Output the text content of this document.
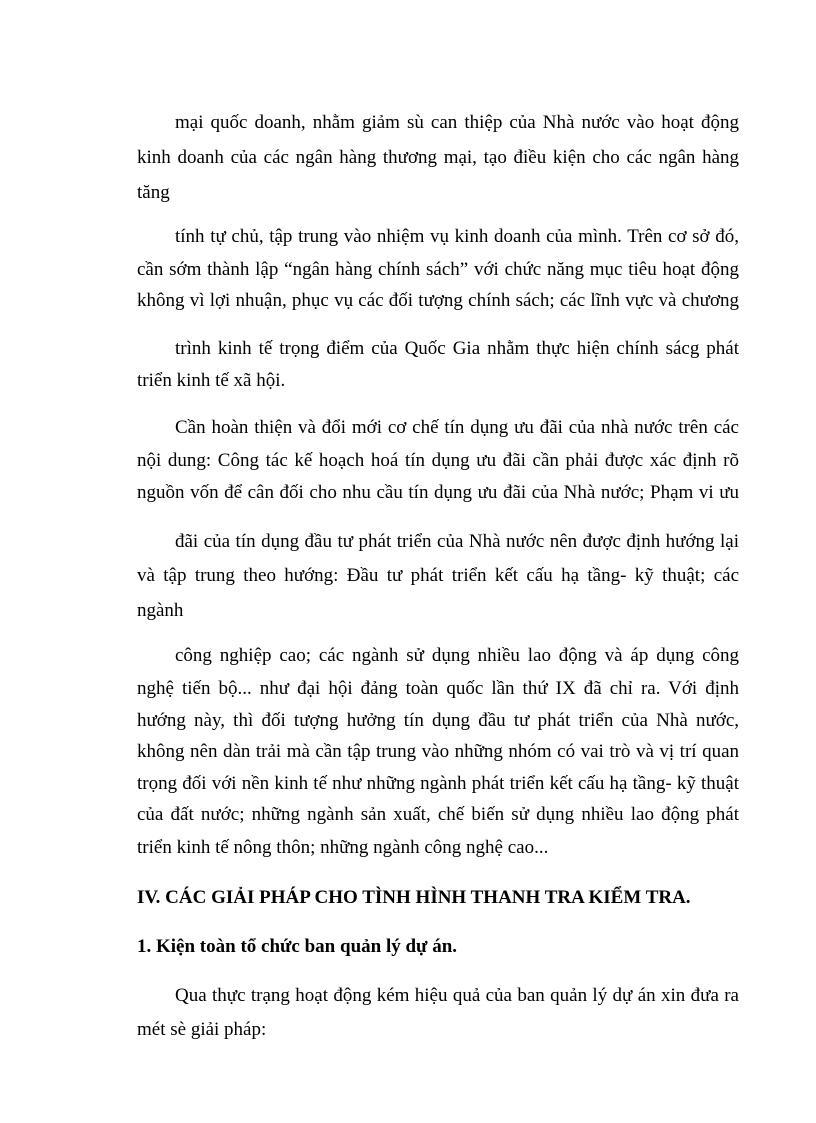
mại quốc doanh, nhằm giảm sù can thiệp của Nhà nước vào hoạt động
kinh doanh của các ngân hàng thương mại, tạo điều kiện cho các ngân hàng
tăng
tính tự chủ, tập trung vào nhiệm vụ kinh doanh của mình. Trên cơ sở đó,
cần sớm thành lập “ngân hàng chính sách” với chức năng mục tiêu hoạt động
không vì lợi nhuận, phục vụ các đối tượng chính sách; các lĩnh vực và chương
trình kinh tế trọng điểm của Quốc Gia nhằm thực hiện chính sácg phát
triển kinh tế xã hội.
Cần hoàn thiện và đổi mới cơ chế tín dụng ưu đãi của nhà nước trên các
nội dung: Công tác kế hoạch hoá tín dụng ưu đãi cần phải được xác định rõ
nguồn vốn để cân đối cho nhu cầu tín dụng ưu đãi của Nhà nước; Phạm vi ưu
đãi của tín dụng đầu tư phát triển của Nhà nước nên được định hướng lại
và tập trung theo hướng: Đầu tư phát triển kết cấu hạ tầng- kỹ thuật; các
ngành
công nghiệp cao; các ngành sử dụng nhiều lao động và áp dụng công
nghệ tiến bộ... như đại hội đảng toàn quốc lần thứ IX đã chỉ ra. Với định
hướng này, thì đối tượng hưởng tín dụng đầu tư phát triển của Nhà nước,
không nên dàn trải mà cần tập trung vào những nhóm có vai trò và vị trí quan
trọng đối với nền kinh tế như những ngành phát triển kết cấu hạ tầng- kỹ thuật
của đất nước; những ngành sản xuất, chế biến sử dụng nhiều lao động phát
triển kinh tế nông thôn; những ngành công nghệ cao...
IV. CÁC GIẢI PHÁP CHO TÌNH HÌNH THANH TRA KIỂM TRA.
1. Kiện toàn tổ chức ban quản lý dự án.
Qua thực trạng hoạt động kém hiệu quả của ban quản lý dự án xin đưa ra
mét sè giải pháp:
